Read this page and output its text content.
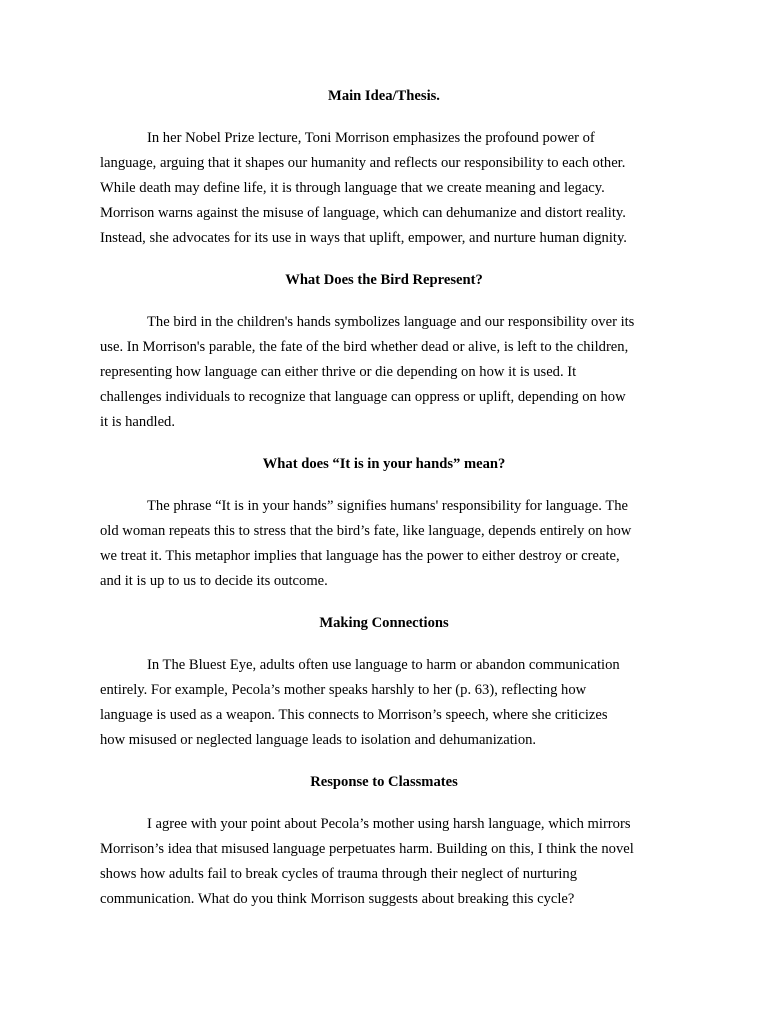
Main Idea/Thesis.
In her Nobel Prize lecture, Toni Morrison emphasizes the profound power of
language, arguing that it shapes our humanity and reflects our responsibility to each other.
While death may define life, it is through language that we create meaning and legacy.
Morrison warns against the misuse of language, which can dehumanize and distort reality.
Instead, she advocates for its use in ways that uplift, empower, and nurture human dignity.
What Does the Bird Represent?
The bird in the children's hands symbolizes language and our responsibility over its
use. In Morrison's parable, the fate of the bird whether dead or alive, is left to the children,
representing how language can either thrive or die depending on how it is used. It
challenges individuals to recognize that language can oppress or uplift, depending on how
it is handled.
What does “It is in your hands” mean?
The phrase “It is in your hands” signifies humans' responsibility for language. The
old woman repeats this to stress that the bird’s fate, like language, depends entirely on how
we treat it. This metaphor implies that language has the power to either destroy or create,
and it is up to us to decide its outcome.
Making Connections
In The Bluest Eye, adults often use language to harm or abandon communication
entirely. For example, Pecola’s mother speaks harshly to her (p. 63), reflecting how
language is used as a weapon. This connects to Morrison’s speech, where she criticizes
how misused or neglected language leads to isolation and dehumanization.
Response to Classmates
I agree with your point about Pecola’s mother using harsh language, which mirrors
Morrison’s idea that misused language perpetuates harm. Building on this, I think the novel
shows how adults fail to break cycles of trauma through their neglect of nurturing
communication. What do you think Morrison suggests about breaking this cycle?
